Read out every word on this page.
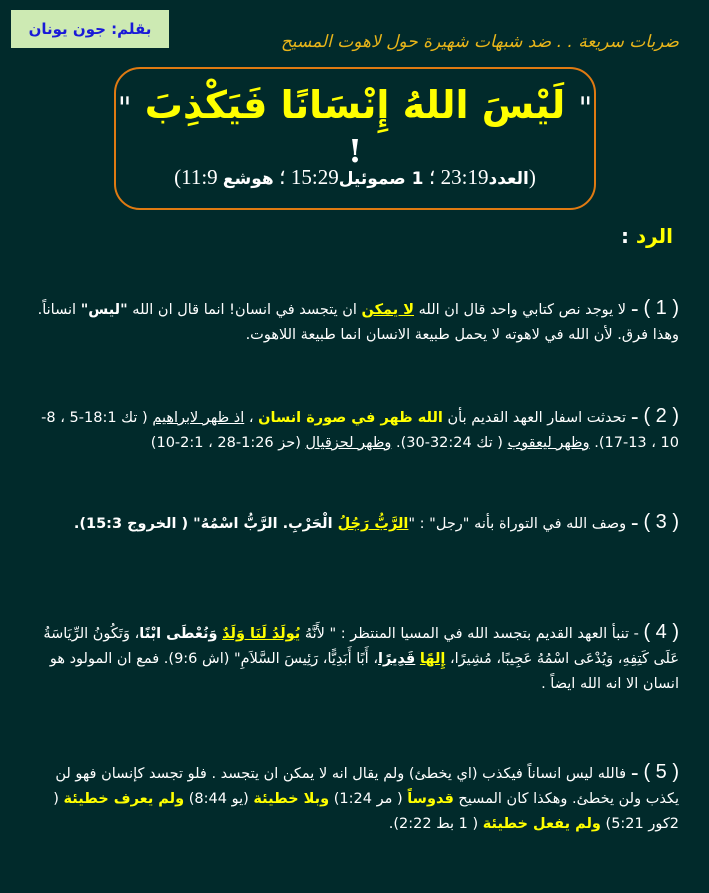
بقلم: جون يونان
ضربات سريعة . . ضد شبهات شهيرة حول لاهوت المسيح
" لَيْسَ اللهُ إِنْسَانًا فَيَكْذِبَ " !
(العدد23:19 ؛ 1 صموئيل15:29 ؛ هوشع 11:9)
الرد :
( 1 ) – لا يوجد نص كتابي واحد قال ان الله لا يمكن ان يتجسد في انسان! انما قال ان الله "ليس" انساناً. وهذا فرق. لأن الله في لاهوته لا يحمل طبيعة الانسان انما طبيعة اللاهوت.
( 2 ) – تحدثت اسفار العهد القديم بأن الله ظهر في صورة انسان ، اذ ظهر لابراهيم ( تك 18:1-5 ، 8-10 ، 13-17). وظهر ليعقوب ( تك 32:24-30). وظهر لحزقيال (حز 1:26-28 ، 2:1-10)
( 3 ) – وصف الله في التوراة بأنه "رجل" : "الرَّبُّ رَجُلُ الْحَرْبِ. الرَّبُّ اسْمُهُ" ( الخروج 15:3).
( 4 ) - تنبأ العهد القديم بتجسد الله في المسيا المنتظر : " لأَنَّهُ يُولَدُ لَنَا وَلَدٌ وَنُعْطَى ابْنًا، وَتَكُونُ الرِّيَاسَةُ عَلَى كَتِفِهِ، وَيُدْعَى اسْمُهُ عَجِيبًا، مُشِيرًا، إِلهًا قَدِيرًا، أَبًا أَبَدِيًّا، رَئِيسَ السَّلاَمِ" (اش 9:6). فمع ان المولود هو انسان الا انه الله ايضاً .
( 5 ) – فالله ليس انساناً فيكذب (اي يخطئ) ولم يقال انه لا يمكن ان يتجسد . فلو تجسد كإنسان فهو لن يكذب ولن يخطئ. وهكذا كان المسيح قدوساً ( مر 1:24) وبلا خطيئة (يو 8:44) ولم يعرف خطيئة ( 2كور 5:21) ولم يفعل خطيئة ( 1 بط 2:22).
